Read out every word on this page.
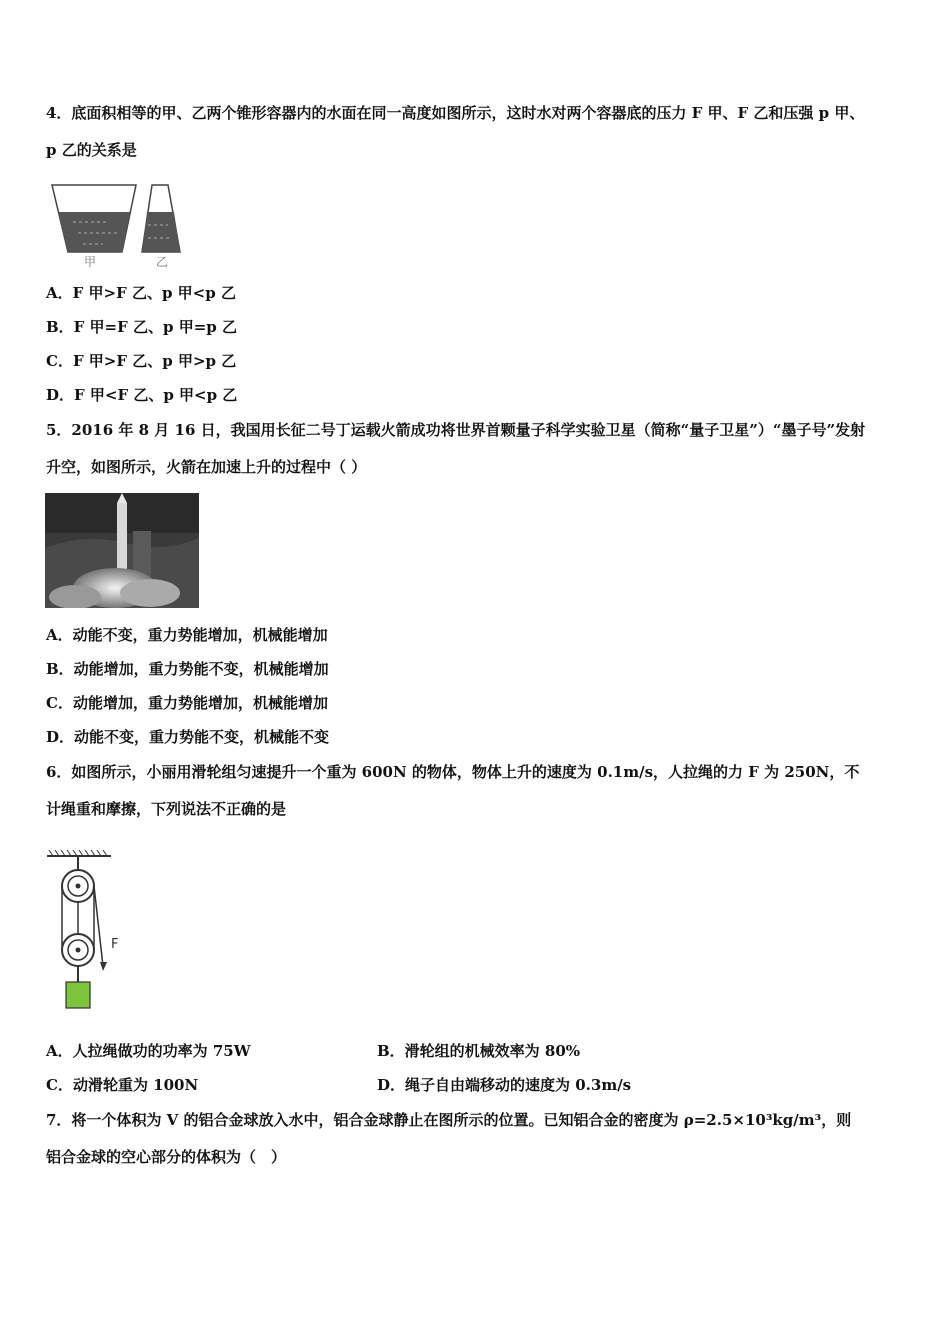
4．底面积相等的甲、乙两个锥形容器内的水面在同一高度如图所示，这时水对两个容器底的压力 F 甲、F 乙和压强 p 甲、
p 乙的关系是
甲	乙
A．F 甲>F 乙、p 甲<p 乙
B．F 甲=F 乙、p 甲=p 乙
C．F 甲>F 乙、p 甲>p 乙
D．F 甲<F 乙、p 甲<p 乙
5．2016 年 8 月 16 日，我国用长征二号丁运载火箭成功将世界首颗量子科学实验卫星（简称“量子卫星”）“墨子号”发射
升空，如图所示，火箭在加速上升的过程中（ ）
A．动能不变，重力势能增加，机械能增加
B．动能增加，重力势能不变，机械能增加
C．动能增加，重力势能增加，机械能增加
D．动能不变，重力势能不变，机械能不变
6．如图所示，小丽用滑轮组匀速提升一个重为 600N 的物体，物体上升的速度为 0.1m/s，人拉绳的力 F 为 250N，不
计绳重和摩擦，下列说法不正确的是
F
A．人拉绳做功的功率为 75W	B．滑轮组的机械效率为 80%
C．动滑轮重为 100N	D．绳子自由端移动的速度为 0.3m/s
7．将一个体积为 V 的铝合金球放入水中，铝合金球静止在图所示的位置。已知铝合金的密度为 ρ=2.5×10³kg/m³，则
铝合金球的空心部分的体积为（　）
